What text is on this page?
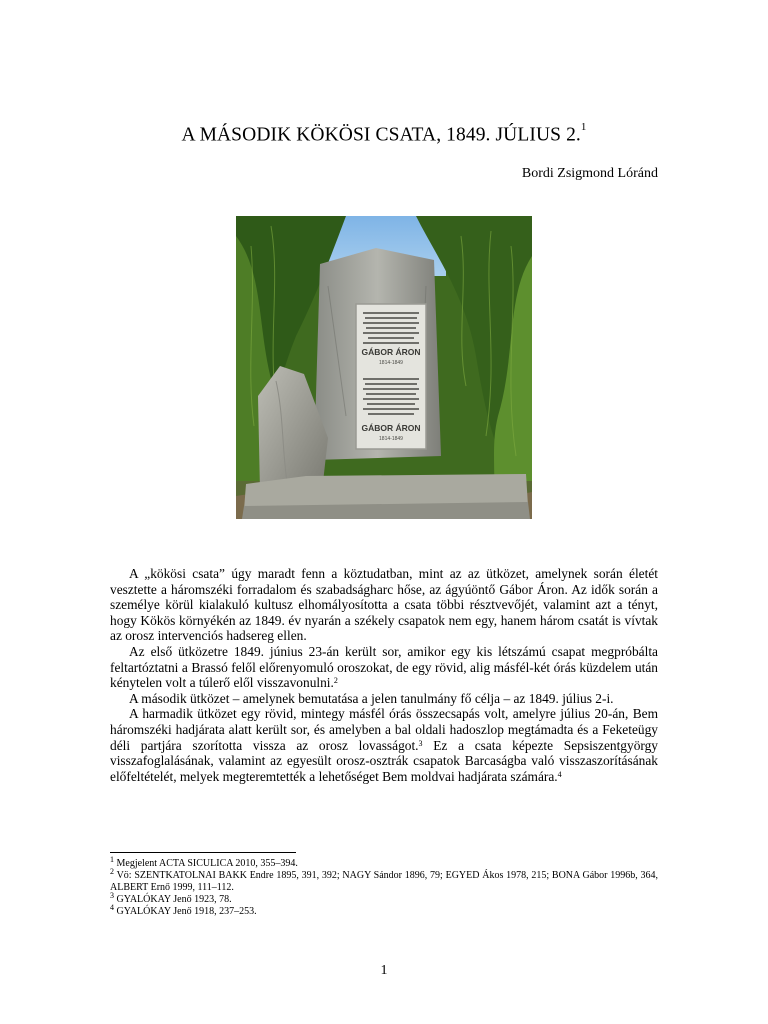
A MÁSODIK KÖKÖSI CSATA, 1849. JÚLIUS 2.$^1$
Bordi Zsigmond Lóránd
GÁBOR ÁRON
1814-1849
GÁBOR ÁRON
1814-1849

A „kökösi csata” úgy maradt fenn a köztudatban, mint az az ütközet, amelynek során életét vesztette a háromszéki forradalom és szabadságharc hőse, az ágyúöntő Gábor Áron. Az idők során a személye körül kialakuló kultusz elhomályosította a csata többi résztvevőjét, valamint azt a tényt, hogy Kökös környékén az 1849. év nyarán a székely csapatok nem egy, hanem három csatát is vívtak az orosz intervenciós hadsereg ellen.

Az első ütközetre 1849. június 23-án került sor, amikor egy kis létszámú csapat megpróbálta feltartóztatni a Brassó felől előrenyomuló oroszokat, de egy rövid, alig másfél-két órás küzdelem után kénytelen volt a túlerő elől visszavonulni.$^2$

A második ütközet – amelynek bemutatása a jelen tanulmány fő célja – az 1849. július 2-i.

A harmadik ütközet egy rövid, mintegy másfél órás összecsapás volt, amelyre július 20-án, Bem háromszéki hadjárata alatt került sor, és amelyben a bal oldali hadoszlop megtámadta és a Feketeügy déli partjára szorította vissza az orosz lovasságot.$^3$ Ez a csata képezte Sepsiszentgyörgy visszafoglalásának, valamint az egyesült orosz-osztrák csapatok Barcaságba való visszaszorításának előfeltételét, melyek megteremtették a lehetőséget Bem moldvai hadjárata számára.$^4$

$^1$ Megjelent ACTA SICULICA 2010, 355–394.

$^2$ Vö: SZENTKATOLNAI BAKK Endre 1895, 391, 392; NAGY Sándor 1896, 79; EGYED Ákos 1978, 215; BONA Gábor 1996b, 364, ALBERT Ernő 1999, 111–112.

$^3$ GYALÓKAY Jenő 1923, 78.

$^4$ GYALÓKAY Jenő 1918, 237–253.

1
